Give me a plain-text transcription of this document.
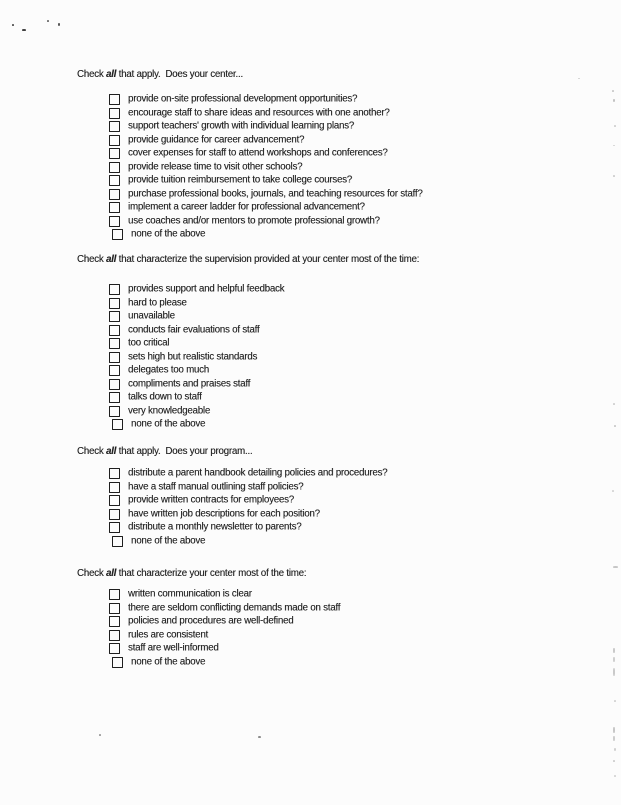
Check all that apply.  Does your center...
provide on-site professional development opportunities?
encourage staff to share ideas and resources with one another?
support teachers' growth with individual learning plans?
provide guidance for career advancement?
cover expenses for staff to attend workshops and conferences?
provide release time to visit other schools?
provide tuition reimbursement to take college courses?
purchase professional books, journals, and teaching resources for staff?
implement a career ladder for professional advancement?
use coaches and/or mentors to promote professional growth?
none of the above
Check all that characterize the supervision provided at your center most of the time:
provides support and helpful feedback
hard to please
unavailable
conducts fair evaluations of staff
too critical
sets high but realistic standards
delegates too much
compliments and praises staff
talks down to staff
very knowledgeable
none of the above
Check all that apply.  Does your program...
distribute a parent handbook detailing policies and procedures?
have a staff manual outlining staff policies?
provide written contracts for employees?
have written job descriptions for each position?
distribute a monthly newsletter to parents?
none of the above
Check all that characterize your center most of the time:
written communication is clear
there are seldom conflicting demands made on staff
policies and procedures are well-defined
rules are consistent
staff are well-informed
none of the above
